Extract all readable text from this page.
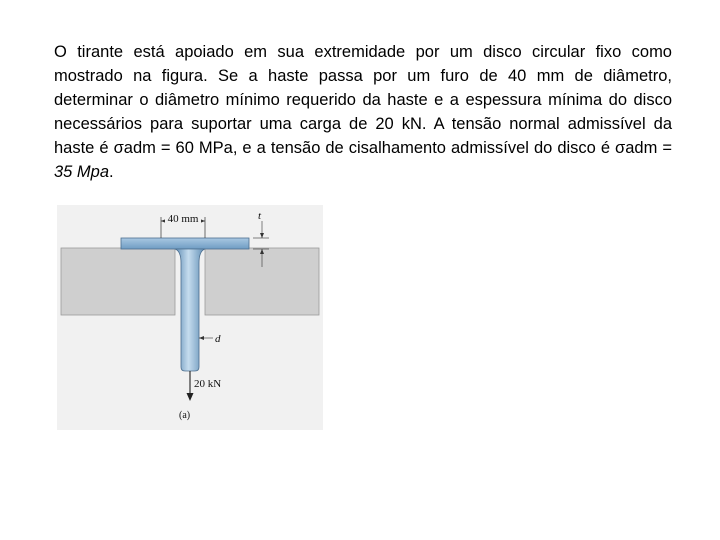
O tirante está apoiado em sua extremidade por um disco circular fixo como mostrado na figura. Se a haste passa por um furo de 40 mm de diâmetro, determinar o diâmetro mínimo requerido da haste e a espessura mínima do disco necessários para suportar uma carga de 20 kN. A tensão normal admissível da haste é σadm = 60 MPa, e a tensão de cisalhamento admissível do disco é σadm = 35 Mpa.

40 mm	t
d
20 kN
(a)
